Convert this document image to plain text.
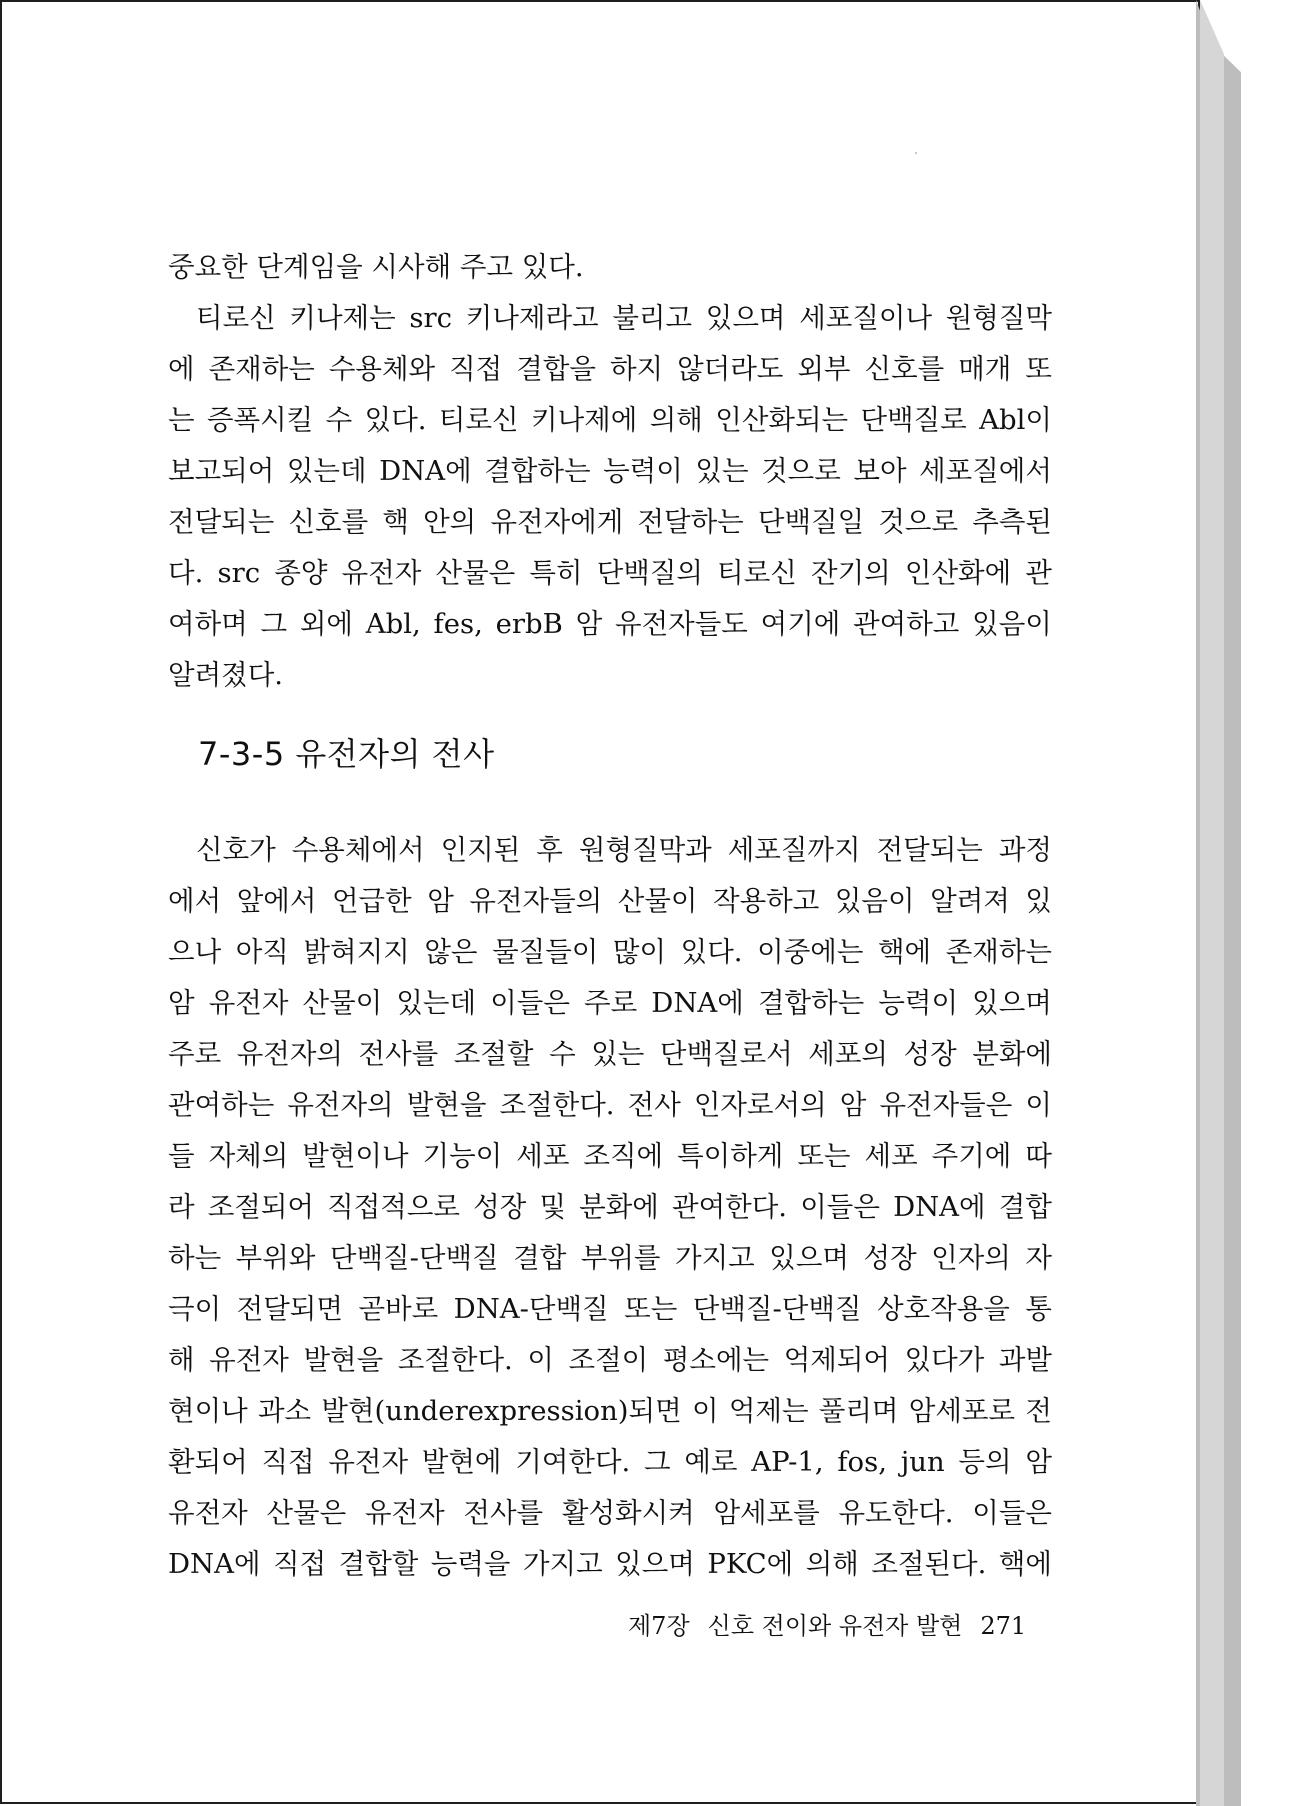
중요한 단계임을 시사해 주고 있다.
티로신 키나제는 src 키나제라고 불리고 있으며 세포질이나 원형질막
에 존재하는 수용체와 직접 결합을 하지 않더라도 외부 신호를 매개 또
는 증폭시킬 수 있다. 티로신 키나제에 의해 인산화되는 단백질로 Abl이
보고되어 있는데 DNA에 결합하는 능력이 있는 것으로 보아 세포질에서
전달되는 신호를 핵 안의 유전자에게 전달하는 단백질일 것으로 추측된
다. src 종양 유전자 산물은 특히 단백질의 티로신 잔기의 인산화에 관
여하며 그 외에 Abl, fes, erbB 암 유전자들도 여기에 관여하고 있음이
알려졌다.
7-3-5 유전자의 전사
신호가 수용체에서 인지된 후 원형질막과 세포질까지 전달되는 과정
에서 앞에서 언급한 암 유전자들의 산물이 작용하고 있음이 알려져 있
으나 아직 밝혀지지 않은 물질들이 많이 있다. 이중에는 핵에 존재하는
암 유전자 산물이 있는데 이들은 주로 DNA에 결합하는 능력이 있으며
주로 유전자의 전사를 조절할 수 있는 단백질로서 세포의 성장 분화에
관여하는 유전자의 발현을 조절한다. 전사 인자로서의 암 유전자들은 이
들 자체의 발현이나 기능이 세포 조직에 특이하게 또는 세포 주기에 따
라 조절되어 직접적으로 성장 및 분화에 관여한다. 이들은 DNA에 결합
하는 부위와 단백질-단백질 결합 부위를 가지고 있으며 성장 인자의 자
극이 전달되면 곧바로 DNA-단백질 또는 단백질-단백질 상호작용을 통
해 유전자 발현을 조절한다. 이 조절이 평소에는 억제되어 있다가 과발
현이나 과소 발현(underexpression)되면 이 억제는 풀리며 암세포로 전
환되어 직접 유전자 발현에 기여한다. 그 예로 AP-1, fos, jun 등의 암
유전자 산물은 유전자 전사를 활성화시켜 암세포를 유도한다. 이들은
DNA에 직접 결합할 능력을 가지고 있으며 PKC에 의해 조절된다. 핵에
제7장 신호 전이와 유전자 발현 271
